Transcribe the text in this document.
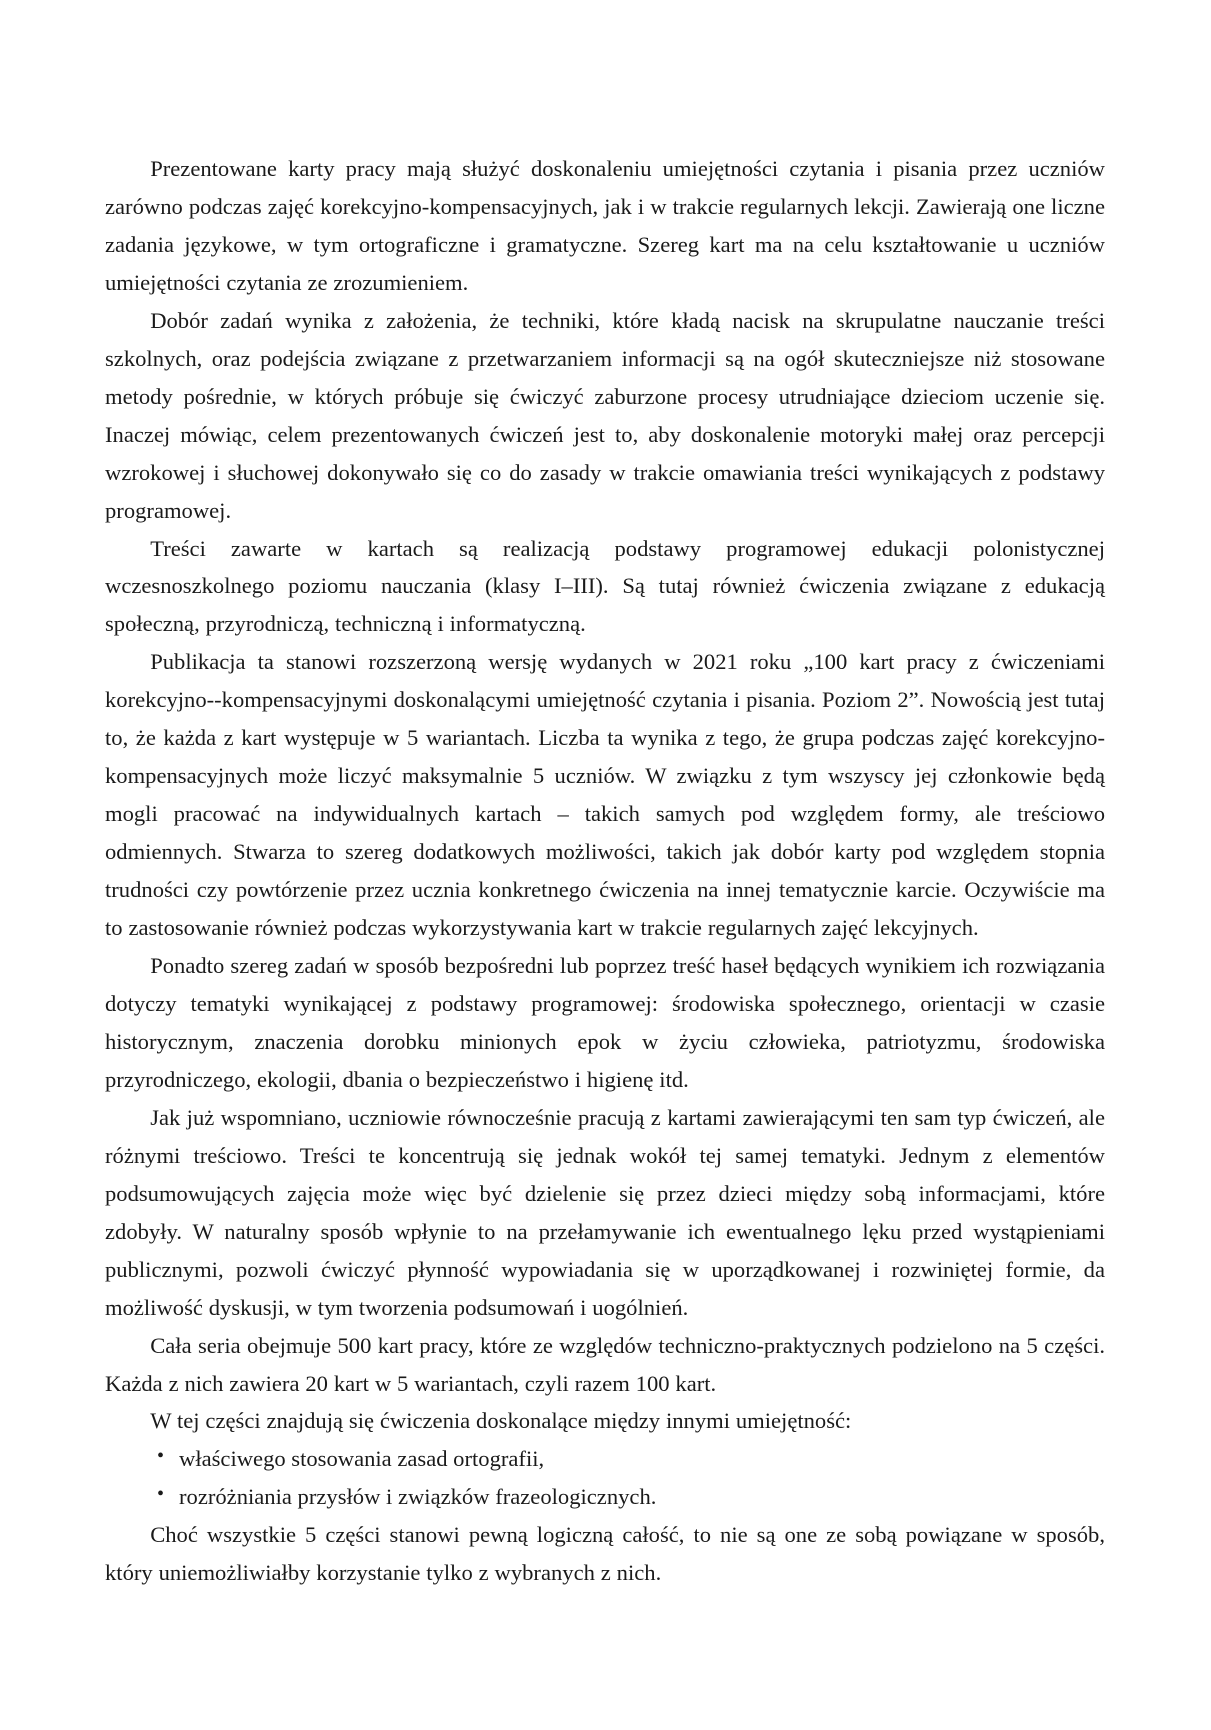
Prezentowane karty pracy mają służyć doskonaleniu umiejętności czytania i pisania przez uczniów zarówno podczas zajęć korekcyjno-kompensacyjnych, jak i w trakcie regularnych lekcji. Zawierają one liczne zadania językowe, w tym ortograficzne i gramatyczne. Szereg kart ma na celu kształtowanie u uczniów umiejętności czytania ze zrozumieniem.

Dobór zadań wynika z założenia, że techniki, które kładą nacisk na skrupulatne nauczanie treści szkolnych, oraz podejścia związane z przetwarzaniem informacji są na ogół skuteczniejsze niż stosowane metody pośrednie, w których próbuje się ćwiczyć zaburzone procesy utrudniające dzieciom uczenie się. Inaczej mówiąc, celem prezentowanych ćwiczeń jest to, aby doskonalenie motoryki małej oraz percepcji wzrokowej i słuchowej dokonywało się co do zasady w trakcie omawiania treści wynikających z podstawy programowej.

Treści zawarte w kartach są realizacją podstawy programowej edukacji polonistycznej wczesnoszkolnego poziomu nauczania (klasy I–III). Są tutaj również ćwiczenia związane z edukacją społeczną, przyrodniczą, techniczną i informatyczną.

Publikacja ta stanowi rozszerzoną wersję wydanych w 2021 roku „100 kart pracy z ćwiczeniami korekcyjno--kompensacyjnymi doskonalącymi umiejętność czytania i pisania. Poziom 2”. Nowością jest tutaj to, że każda z kart występuje w 5 wariantach. Liczba ta wynika z tego, że grupa podczas zajęć korekcyjno-kompensacyjnych może liczyć maksymalnie 5 uczniów. W związku z tym wszyscy jej członkowie będą mogli pracować na indywidualnych kartach – takich samych pod względem formy, ale treściowo odmiennych. Stwarza to szereg dodatkowych możliwości, takich jak dobór karty pod względem stopnia trudności czy powtórzenie przez ucznia konkretnego ćwiczenia na innej tematycznie karcie. Oczywiście ma to zastosowanie również podczas wykorzystywania kart w trakcie regularnych zajęć lekcyjnych.

Ponadto szereg zadań w sposób bezpośredni lub poprzez treść haseł będących wynikiem ich rozwiązania dotyczy tematyki wynikającej z podstawy programowej: środowiska społecznego, orientacji w czasie historycznym, znaczenia dorobku minionych epok w życiu człowieka, patriotyzmu, środowiska przyrodniczego, ekologii, dbania o bezpieczeństwo i higienę itd.

Jak już wspomniano, uczniowie równocześnie pracują z kartami zawierającymi ten sam typ ćwiczeń, ale różnymi treściowo. Treści te koncentrują się jednak wokół tej samej tematyki. Jednym z elementów podsumowujących zajęcia może więc być dzielenie się przez dzieci między sobą informacjami, które zdobyły. W naturalny sposób wpłynie to na przełamywanie ich ewentualnego lęku przed wystąpieniami publicznymi, pozwoli ćwiczyć płynność wypowiadania się w uporządkowanej i rozwiniętej formie, da możliwość dyskusji, w tym tworzenia podsumowań i uogólnień.

Cała seria obejmuje 500 kart pracy, które ze względów techniczno-praktycznych podzielono na 5 części. Każda z nich zawiera 20 kart w 5 wariantach, czyli razem 100 kart.

W tej części znajdują się ćwiczenia doskonalące między innymi umiejętność:

• właściwego stosowania zasad ortografii,
• rozróżniania przysłów i związków frazeologicznych.

Choć wszystkie 5 części stanowi pewną logiczną całość, to nie są one ze sobą powiązane w sposób, który uniemożliwiałby korzystanie tylko z wybranych z nich.
